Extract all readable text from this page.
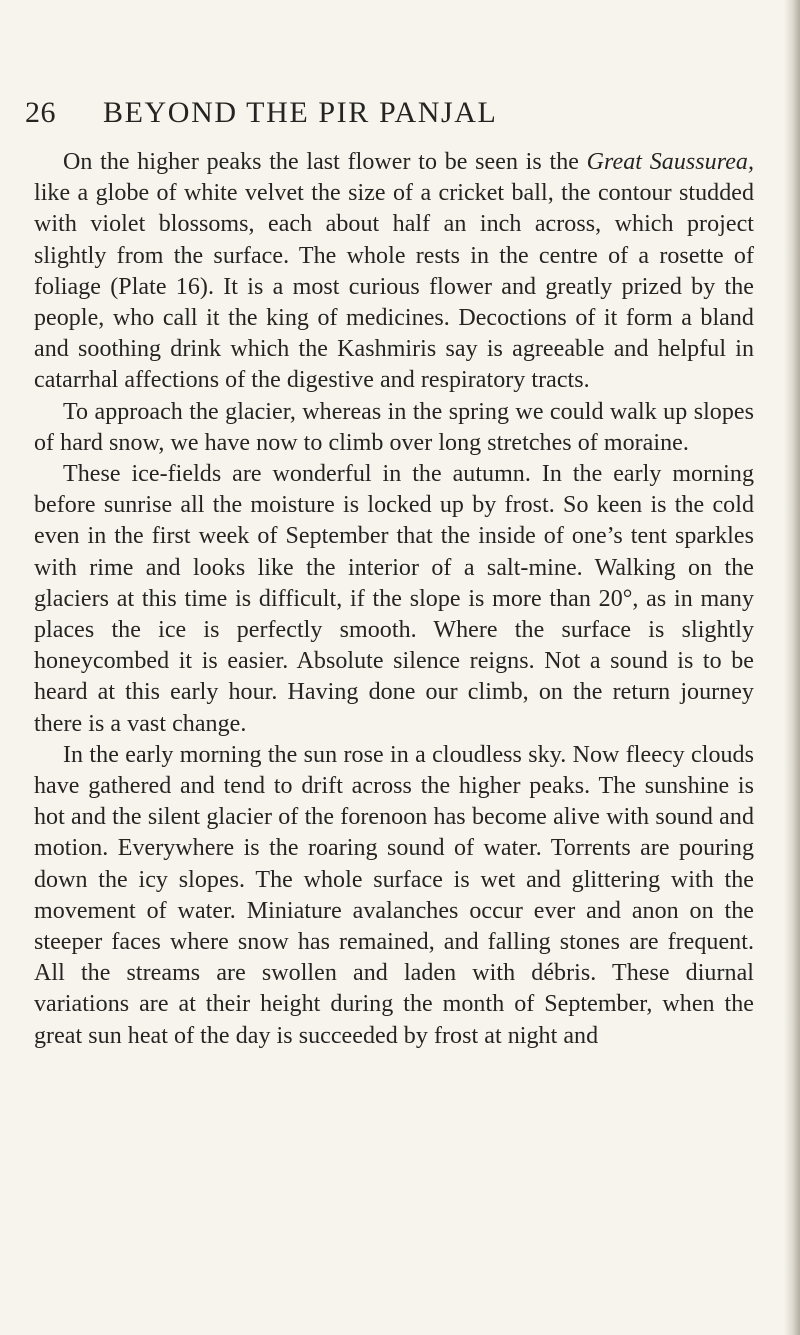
26 BEYOND THE PIR PANJAL

On the higher peaks the last flower to be seen is the Great Saussurea, like a globe of white velvet the size of a cricket ball, the contour studded with violet blossoms, each about half an inch across, which project slightly from the surface. The whole rests in the centre of a rosette of foliage (Plate 16). It is a most curious flower and greatly prized by the people, who call it the king of medicines. Decoctions of it form a bland and soothing drink which the Kashmiris say is agreeable and helpful in catarrhal affections of the digestive and respiratory tracts.

To approach the glacier, whereas in the spring we could walk up slopes of hard snow, we have now to climb over long stretches of moraine.

These ice-fields are wonderful in the autumn. In the early morning before sunrise all the moisture is locked up by frost. So keen is the cold even in the first week of September that the inside of one’s tent sparkles with rime and looks like the interior of a salt-mine. Walking on the glaciers at this time is difficult, if the slope is more than 20°, as in many places the ice is perfectly smooth. Where the surface is slightly honeycombed it is easier. Absolute silence reigns. Not a sound is to be heard at this early hour. Having done our climb, on the return journey there is a vast change.

In the early morning the sun rose in a cloudless sky. Now fleecy clouds have gathered and tend to drift across the higher peaks. The sunshine is hot and the silent glacier of the forenoon has become alive with sound and motion. Everywhere is the roaring sound of water. Torrents are pouring down the icy slopes. The whole surface is wet and glittering with the movement of water. Miniature avalanches occur ever and anon on the steeper faces where snow has remained, and falling stones are frequent. All the streams are swollen and laden with débris. These diurnal variations are at their height during the month of September, when the great sun heat of the day is succeeded by frost at night and
